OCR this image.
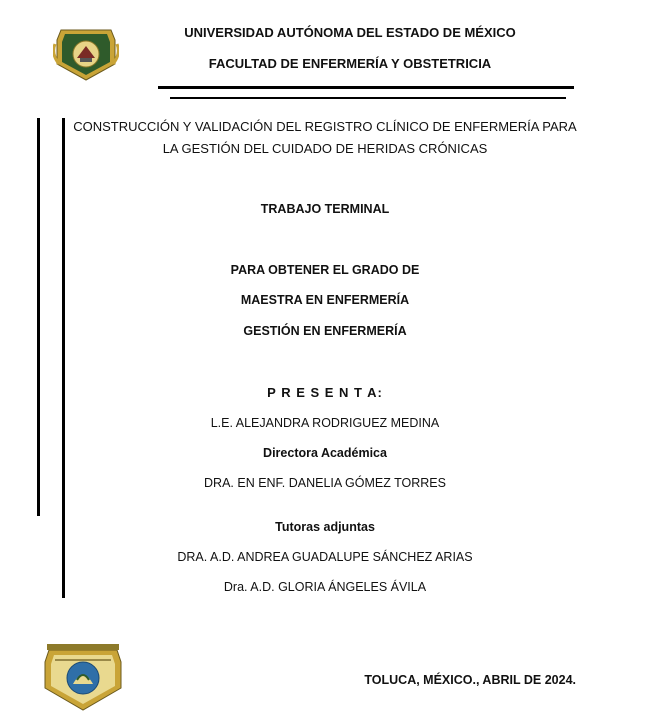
UNIVERSIDAD AUTÓNOMA DEL ESTADO DE MÉXICO
FACULTAD DE ENFERMERÍA Y OBSTETRICIA
CONSTRUCCIÓN Y VALIDACIÓN DEL REGISTRO CLÍNICO DE ENFERMERÍA PARA
LA GESTIÓN DEL CUIDADO DE HERIDAS CRÓNICAS
TRABAJO TERMINAL
PARA OBTENER EL GRADO DE
MAESTRA EN ENFERMERÍA
GESTIÓN EN ENFERMERÍA
P R E S E N T A:
L.E. ALEJANDRA RODRIGUEZ MEDINA
Directora Académica
DRA. EN ENF. DANELIA GÓMEZ TORRES
Tutoras adjuntas
DRA. A.D. ANDREA GUADALUPE SÁNCHEZ ARIAS
Dra. A.D. GLORIA ÁNGELES ÁVILA
TOLUCA, MÉXICO., ABRIL DE 2024.
